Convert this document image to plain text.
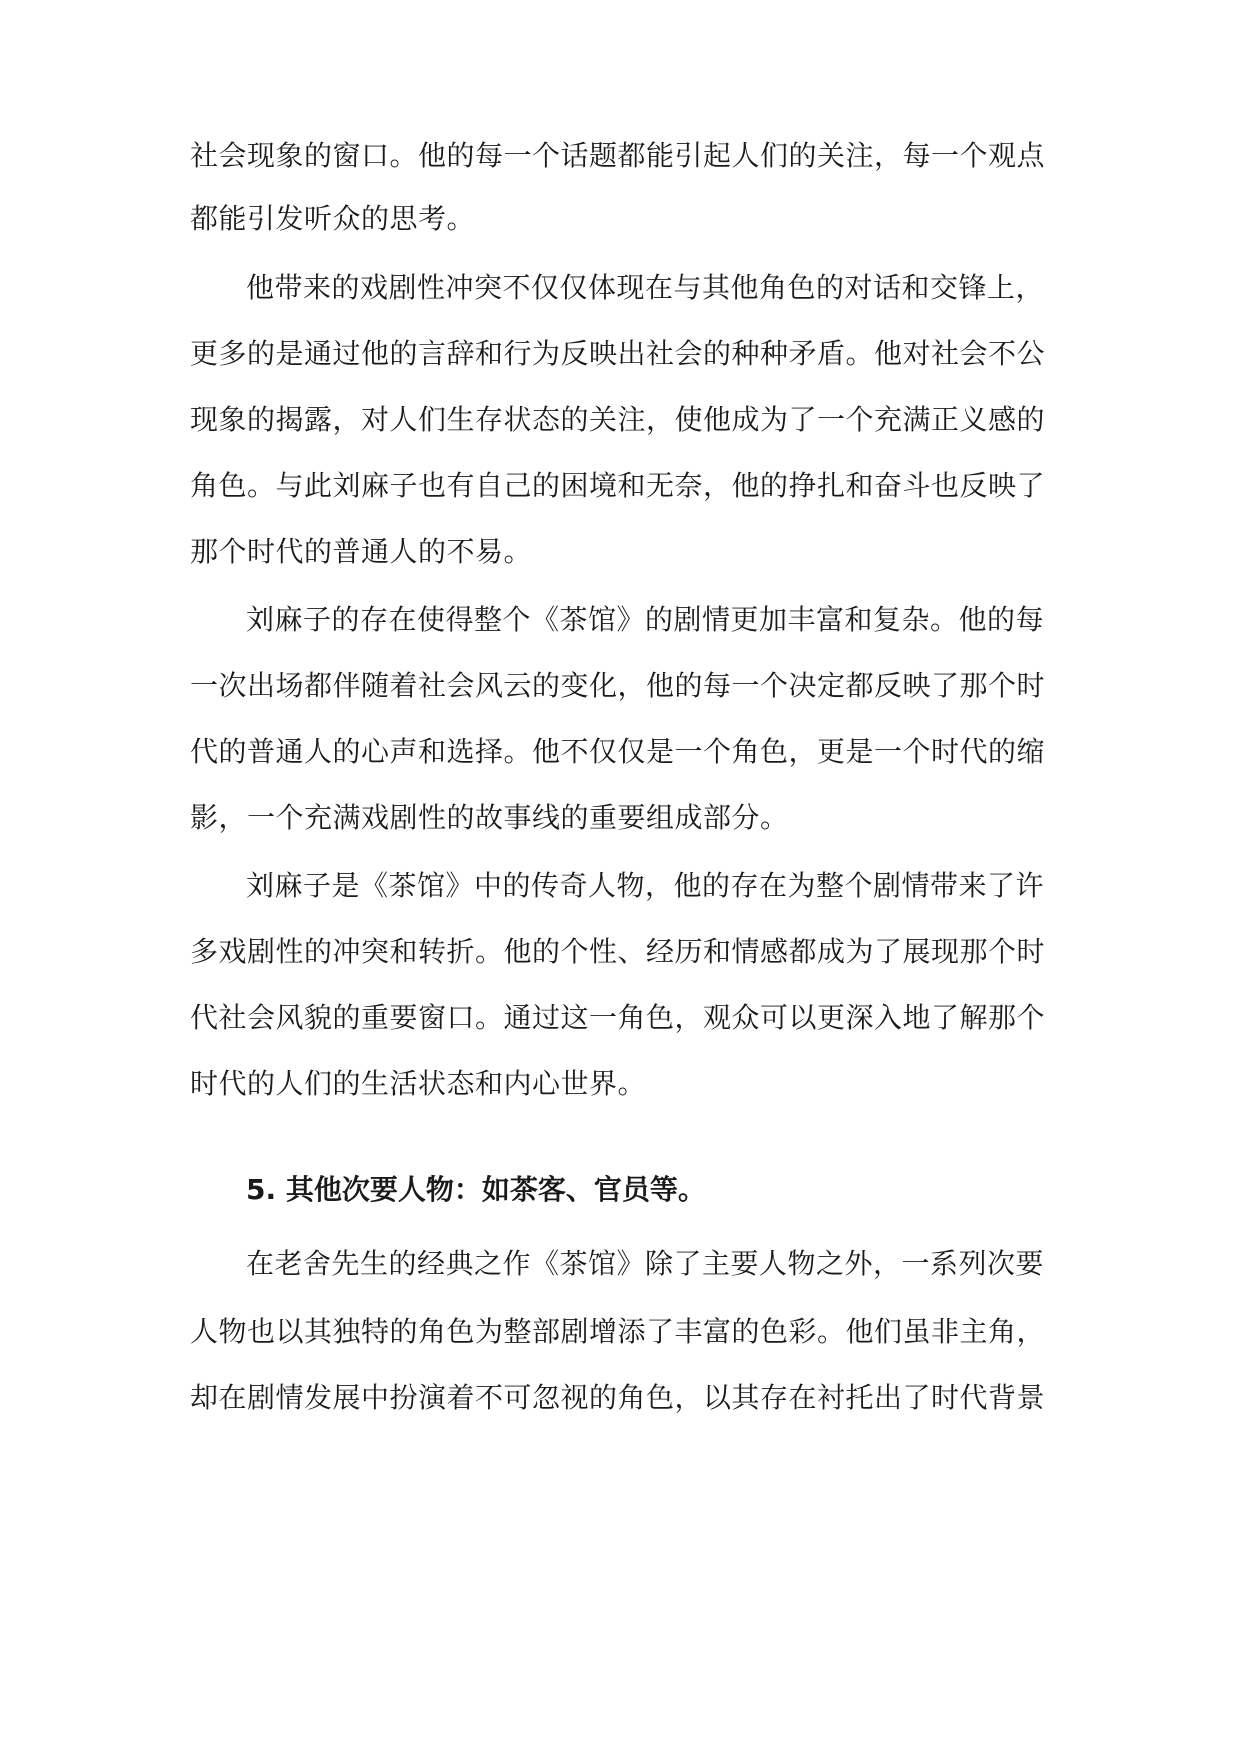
社会现象的窗口。他的每一个话题都能引起人们的关注，每一个观点
都能引发听众的思考。
他带来的戏剧性冲突不仅仅体现在与其他角色的对话和交锋上，
更多的是通过他的言辞和行为反映出社会的种种矛盾。他对社会不公
现象的揭露，对人们生存状态的关注，使他成为了一个充满正义感的
角色。与此刘麻子也有自己的困境和无奈，他的挣扎和奋斗也反映了
那个时代的普通人的不易。
刘麻子的存在使得整个《茶馆》的剧情更加丰富和复杂。他的每
一次出场都伴随着社会风云的变化，他的每一个决定都反映了那个时
代的普通人的心声和选择。他不仅仅是一个角色，更是一个时代的缩
影，一个充满戏剧性的故事线的重要组成部分。
刘麻子是《茶馆》中的传奇人物，他的存在为整个剧情带来了许
多戏剧性的冲突和转折。他的个性、经历和情感都成为了展现那个时
代社会风貌的重要窗口。通过这一角色，观众可以更深入地了解那个
时代的人们的生活状态和内心世界。
5. 其他次要人物：如茶客、官员等。
在老舍先生的经典之作《茶馆》除了主要人物之外，一系列次要
人物也以其独特的角色为整部剧增添了丰富的色彩。他们虽非主角，
却在剧情发展中扮演着不可忽视的角色，以其存在衬托出了时代背景
